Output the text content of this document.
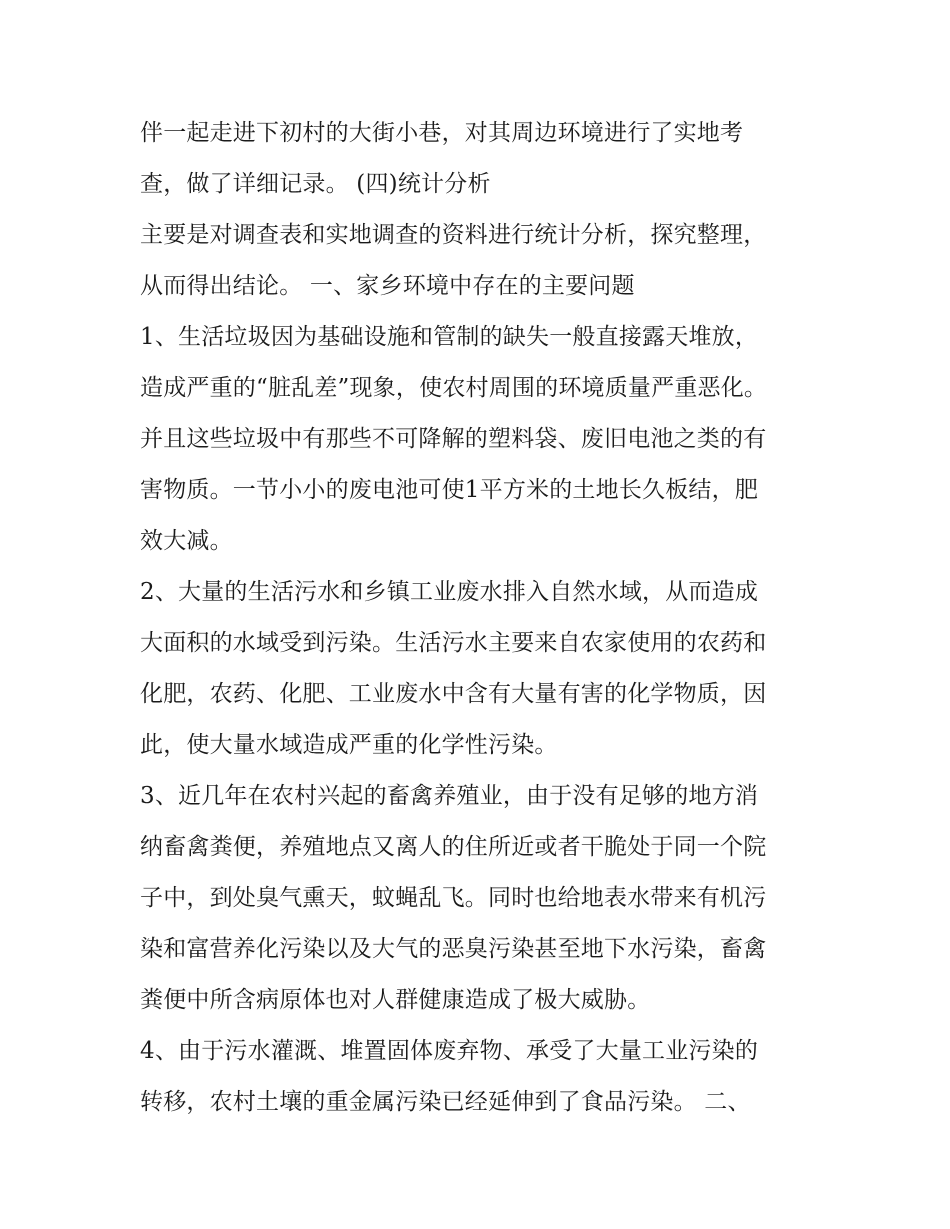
伴一起走进下初村的大街小巷，对其周边环境进行了实地考
查，做了详细记录。 (四)统计分析
主要是对调查表和实地调查的资料进行统计分析，探究整理，
从而得出结论。 一、家乡环境中存在的主要问题
1、生活垃圾因为基础设施和管制的缺失一般直接露天堆放，
造成严重的“脏乱差”现象，使农村周围的环境质量严重恶化。
并且这些垃圾中有那些不可降解的塑料袋、废旧电池之类的有
害物质。一节小小的废电池可使1平方米的土地长久板结，肥
效大减。
2、大量的生活污水和乡镇工业废水排入自然水域，从而造成
大面积的水域受到污染。生活污水主要来自农家使用的农药和
化肥，农药、化肥、工业废水中含有大量有害的化学物质，因
此，使大量水域造成严重的化学性污染。
3、近几年在农村兴起的畜禽养殖业，由于没有足够的地方消
纳畜禽粪便，养殖地点又离人的住所近或者干脆处于同一个院
子中，到处臭气熏天，蚊蝇乱飞。同时也给地表水带来有机污
染和富营养化污染以及大气的恶臭污染甚至地下水污染，畜禽
粪便中所含病原体也对人群健康造成了极大威胁。
4、由于污水灌溉、堆置固体废弃物、承受了大量工业污染的
转移，农村土壤的重金属污染已经延伸到了食品污染。 二、
